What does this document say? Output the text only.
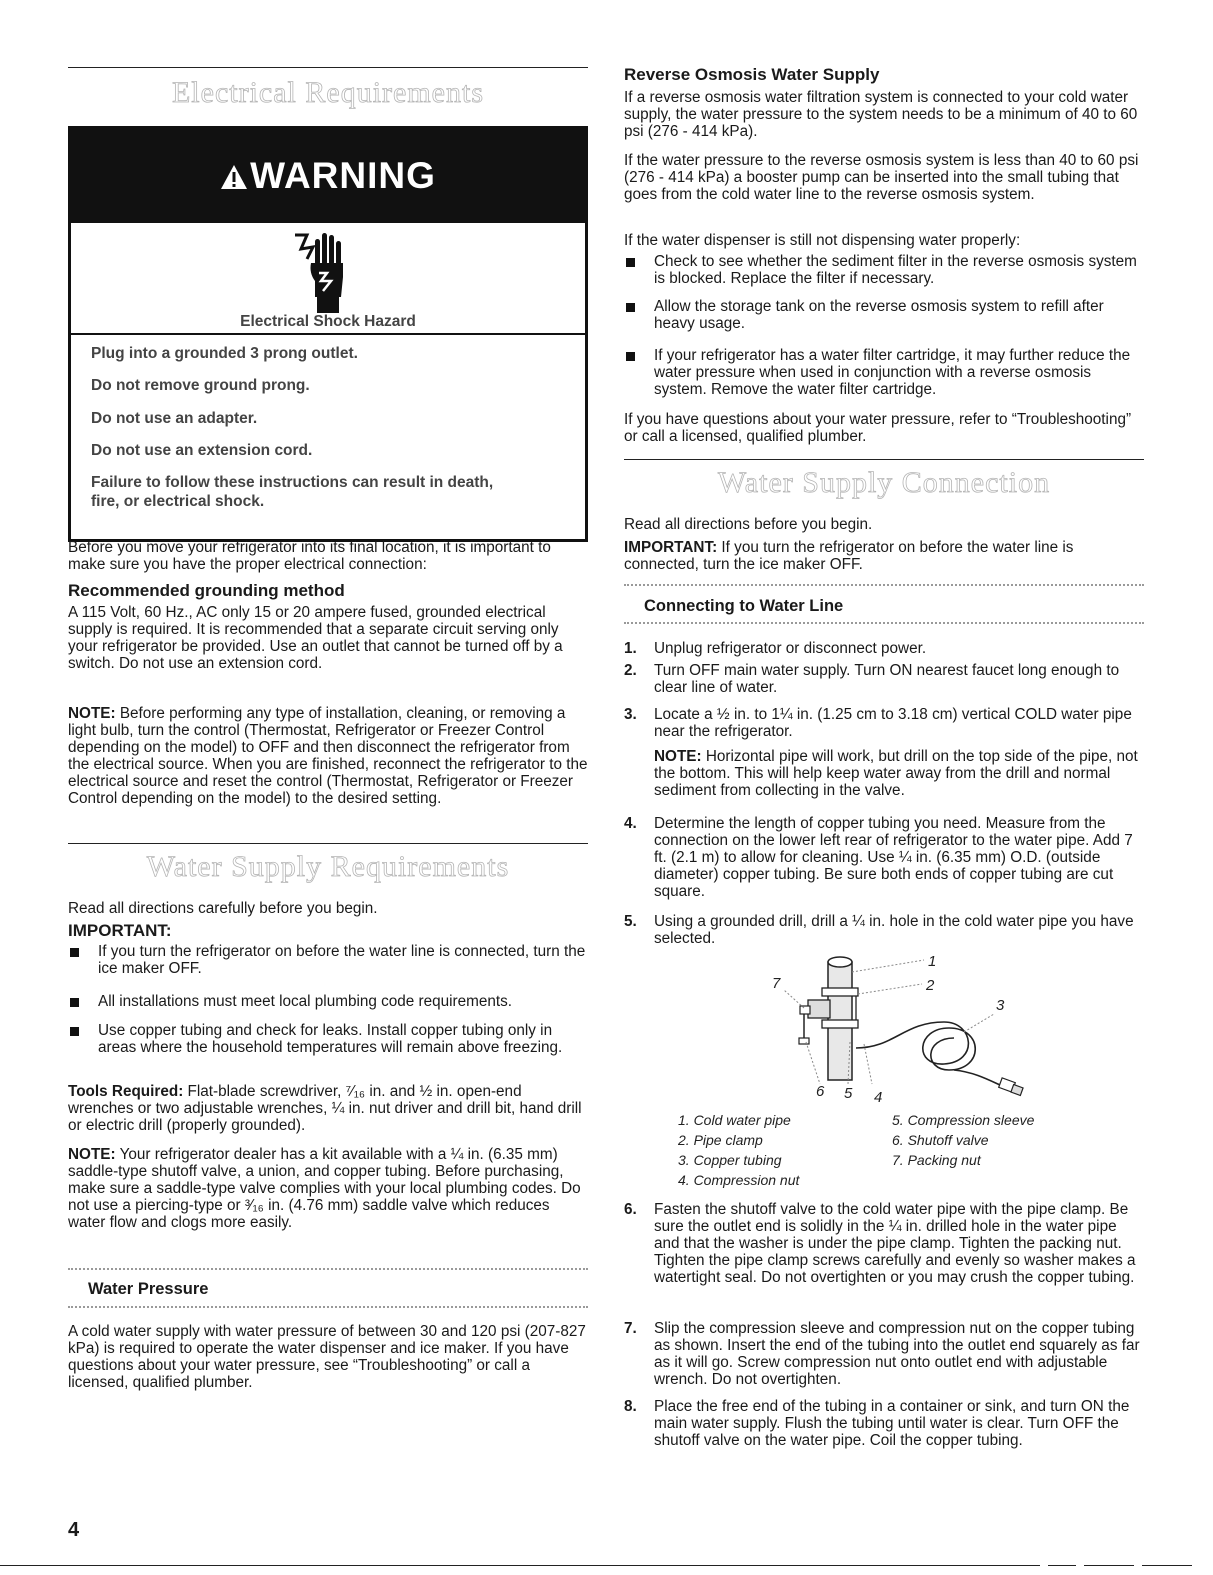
Electrical Requirements
WARNING
Electrical Shock Hazard
Plug into a grounded 3 prong outlet.
Do not remove ground prong.
Do not use an adapter.
Do not use an extension cord.
Failure to follow these instructions can result in death,
fire, or electrical shock.

Before you move your refrigerator into its final location, it is important to make sure you have the proper electrical connection:

Recommended grounding method

A 115 Volt, 60 Hz., AC only 15 or 20 ampere fused, grounded electrical supply is required. It is recommended that a separate circuit serving only your refrigerator be provided. Use an outlet that cannot be turned off by a switch. Do not use an extension cord.

NOTE: Before performing any type of installation, cleaning, or removing a light bulb, turn the control (Thermostat, Refrigerator or Freezer Control depending on the model) to OFF and then disconnect the refrigerator from the electrical source. When you are finished, reconnect the refrigerator to the electrical source and reset the control (Thermostat, Refrigerator or Freezer Control depending on the model) to the desired setting.

Water Supply Requirements

Read all directions carefully before you begin.

IMPORTANT:

If you turn the refrigerator on before the water line is connected, turn the ice maker OFF.

All installations must meet local plumbing code requirements.

Use copper tubing and check for leaks. Install copper tubing only in areas where the household temperatures will remain above freezing.

Tools Required: Flat-blade screwdriver, ⁷⁄₁₆ in. and ½ in. open-end wrenches or two adjustable wrenches, ¼ in. nut driver and drill bit, hand drill or electric drill (properly grounded).

NOTE: Your refrigerator dealer has a kit available with a ¼ in. (6.35 mm) saddle-type shutoff valve, a union, and copper tubing. Before purchasing, make sure a saddle-type valve complies with your local plumbing codes. Do not use a piercing-type or ³⁄₁₆ in. (4.76 mm) saddle valve which reduces water flow and clogs more easily.

Water Pressure

A cold water supply with water pressure of between 30 and 120 psi (207-827 kPa) is required to operate the water dispenser and ice maker. If you have questions about your water pressure, see “Troubleshooting” or call a licensed, qualified plumber.

Reverse Osmosis Water Supply

If a reverse osmosis water filtration system is connected to your cold water supply, the water pressure to the system needs to be a minimum of 40 to 60 psi (276 - 414 kPa).

If the water pressure to the reverse osmosis system is less than 40 to 60 psi (276 - 414 kPa) a booster pump can be inserted into the small tubing that goes from the cold water line to the reverse osmosis system.

If the water dispenser is still not dispensing water properly:

Check to see whether the sediment filter in the reverse osmosis system is blocked. Replace the filter if necessary.

Allow the storage tank on the reverse osmosis system to refill after heavy usage.

If your refrigerator has a water filter cartridge, it may further reduce the water pressure when used in conjunction with a reverse osmosis system. Remove the water filter cartridge.

If you have questions about your water pressure, refer to “Troubleshooting” or call a licensed, qualified plumber.

Water Supply Connection

Read all directions before you begin.

IMPORTANT: If you turn the refrigerator on before the water line is connected, turn the ice maker OFF.

Connecting to Water Line
1. Unplug refrigerator or disconnect power.

2. Turn OFF main water supply. Turn ON nearest faucet long enough to clear line of water.

3. Locate a ½ in. to 1¼ in. (1.25 cm to 3.18 cm) vertical COLD water pipe near the refrigerator.

NOTE: Horizontal pipe will work, but drill on the top side of the pipe, not the bottom. This will help keep water away from the drill and normal sediment from collecting in the valve.

4. Determine the length of copper tubing you need. Measure from the connection on the lower left rear of refrigerator to the water pipe. Add 7 ft. (2.1 m) to allow for cleaning. Use ¼ in. (6.35 mm) O.D. (outside diameter) copper tubing. Be sure both ends of copper tubing are cut square.

5. Using a grounded drill, drill a ¼ in. hole in the cold water pipe you have selected.

1
2
3
4
5
6
7
1. Cold water pipe
2. Pipe clamp
3. Copper tubing
4. Compression nut
5. Compression sleeve
6. Shutoff valve
7. Packing nut
6. Fasten the shutoff valve to the cold water pipe with the pipe clamp. Be sure the outlet end is solidly in the ¼ in. drilled hole in the water pipe and that the washer is under the pipe clamp. Tighten the packing nut. Tighten the pipe clamp screws carefully and evenly so washer makes a watertight seal. Do not overtighten or you may crush the copper tubing.

7. Slip the compression sleeve and compression nut on the copper tubing as shown. Insert the end of the tubing into the outlet end squarely as far as it will go. Screw compression nut onto outlet end with adjustable wrench. Do not overtighten.

8. Place the free end of the tubing in a container or sink, and turn ON the main water supply. Flush the tubing until water is clear. Turn OFF the shutoff valve on the water pipe. Coil the copper tubing.

4
